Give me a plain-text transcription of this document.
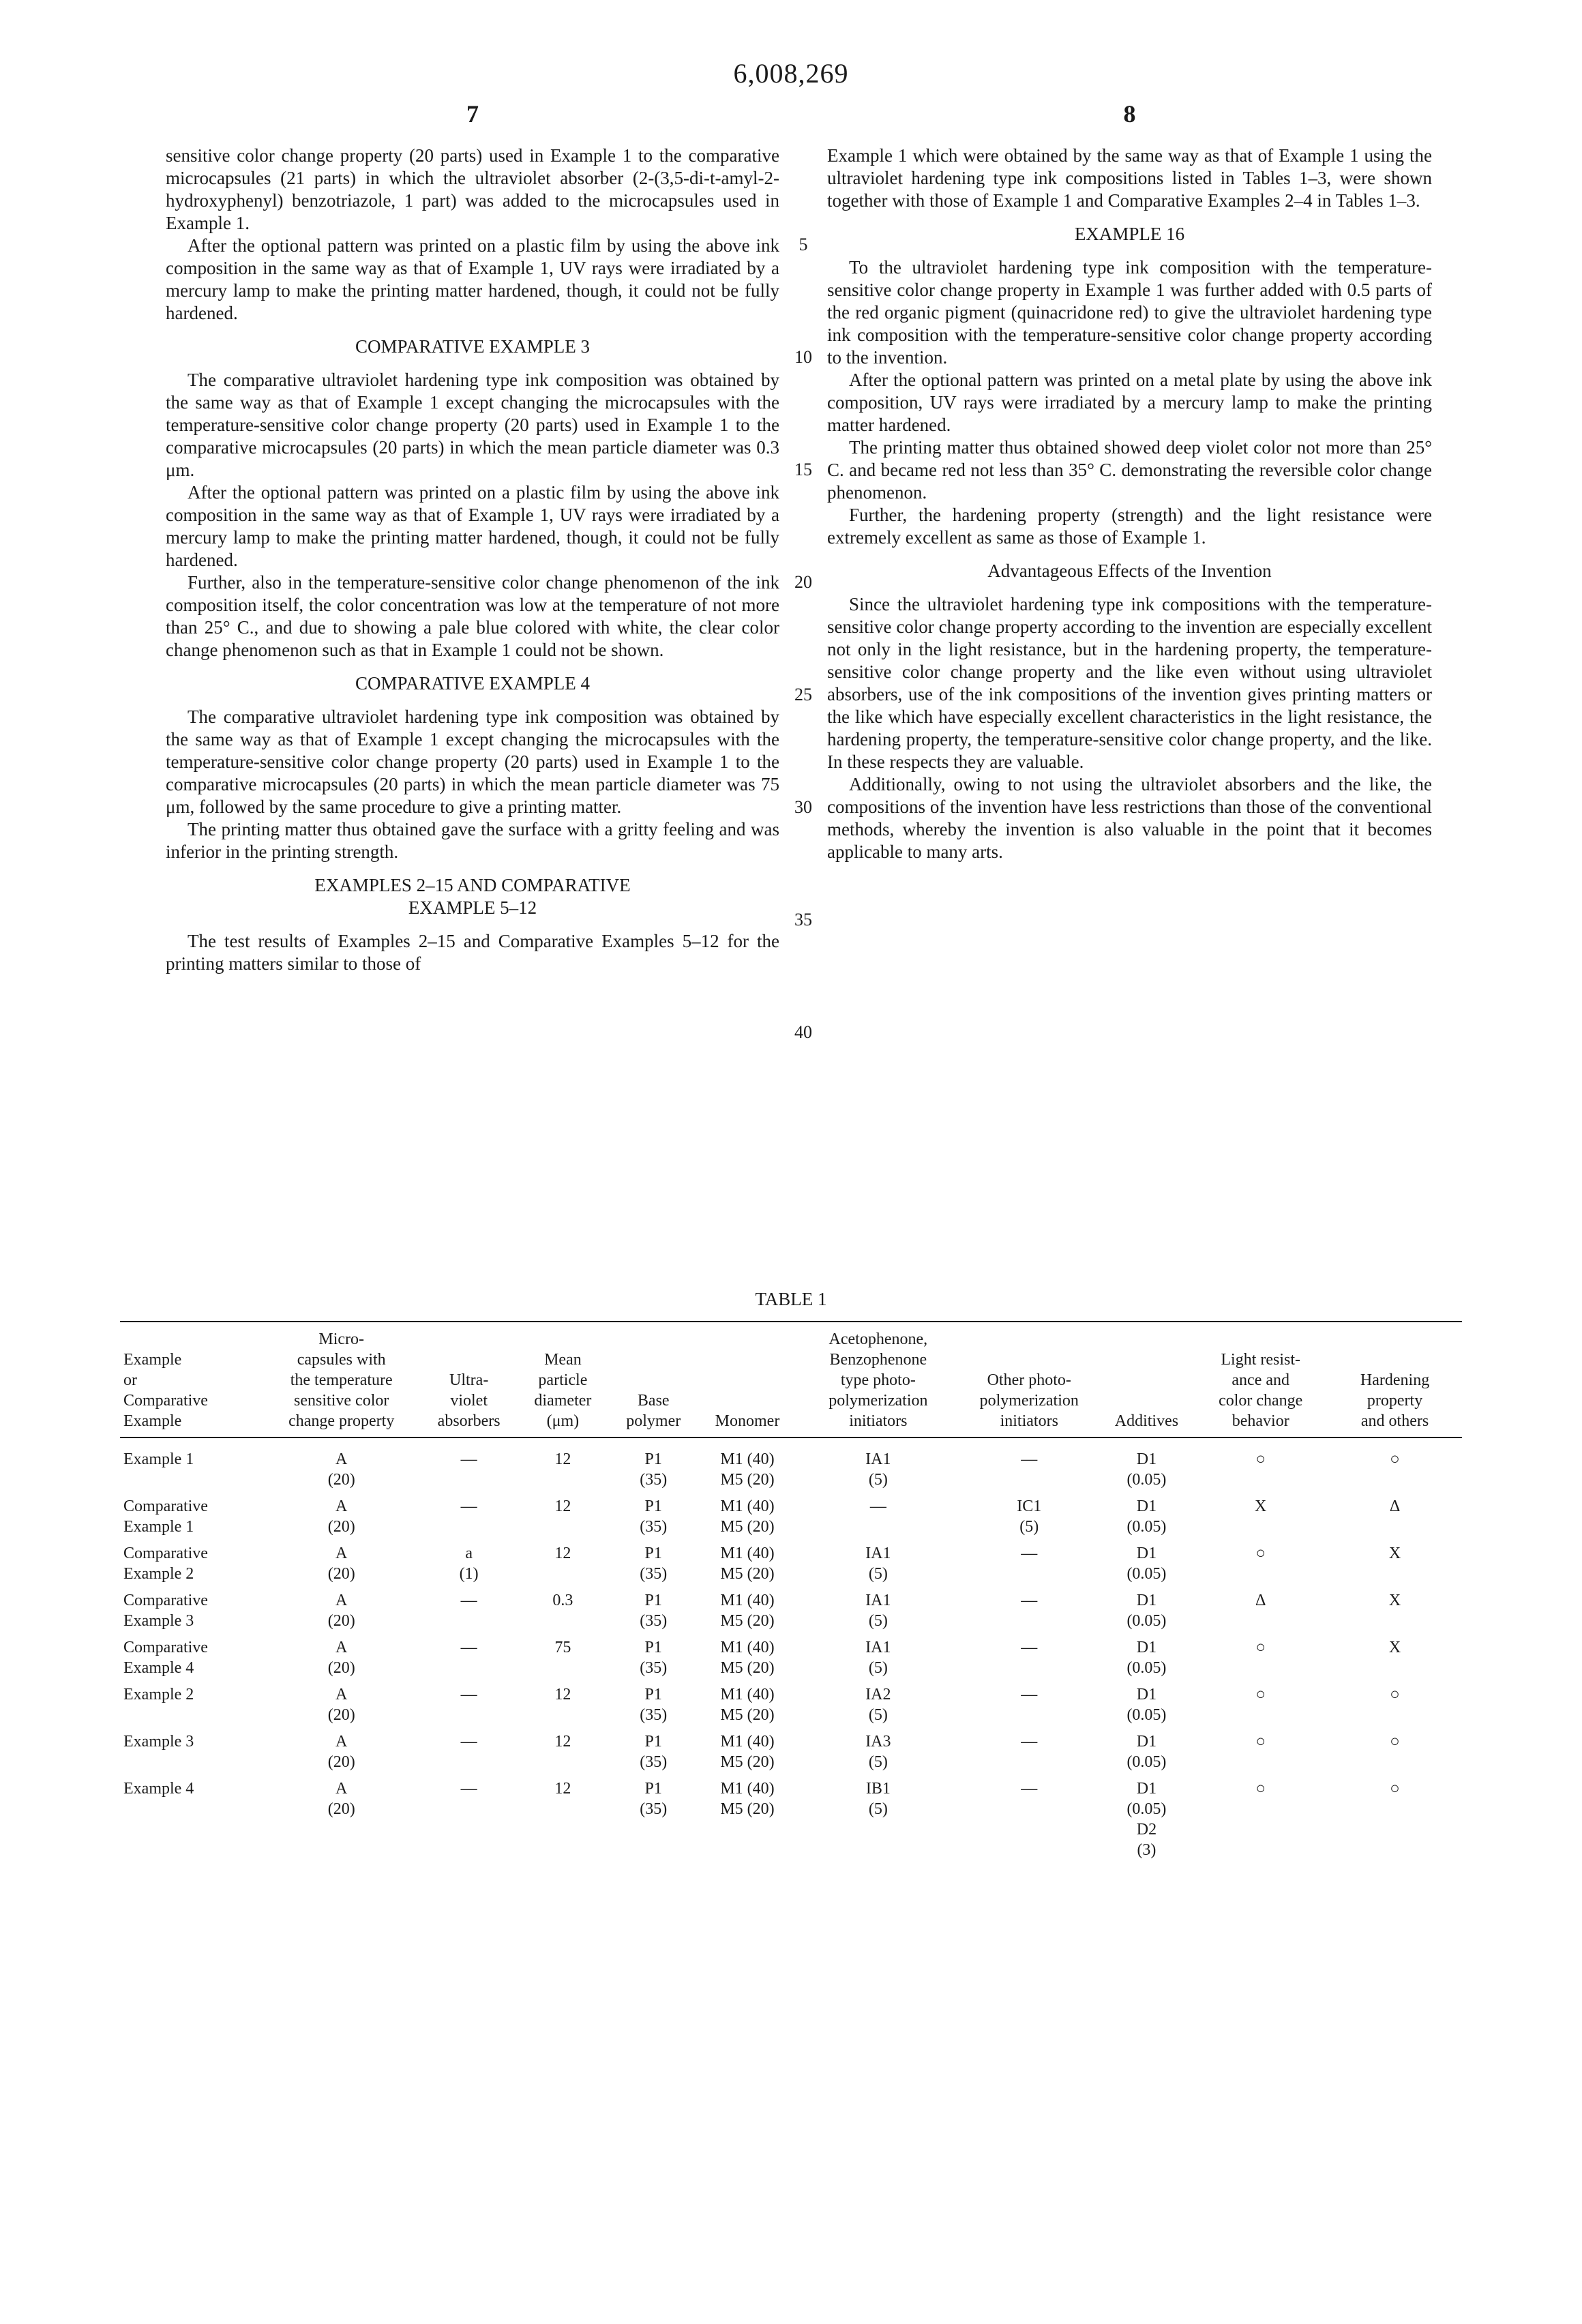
6,008,269
7	8
sensitive color change property (20 parts) used in Example 1 to the comparative microcapsules (21 parts) in which the ultraviolet absorber (2-(3,5-di-t-amyl-2-hydroxyphenyl) benzotriazole, 1 part) was added to the microcapsules used in Example 1.
After the optional pattern was printed on a plastic film by using the above ink composition in the same way as that of Example 1, UV rays were irradiated by a mercury lamp to make the printing matter hardened, though, it could not be fully hardened.
COMPARATIVE EXAMPLE 3
The comparative ultraviolet hardening type ink composition was obtained by the same way as that of Example 1 except changing the microcapsules with the temperature-sensitive color change property (20 parts) used in Example 1 to the comparative microcapsules (20 parts) in which the mean particle diameter was 0.3 μm.
After the optional pattern was printed on a plastic film by using the above ink composition in the same way as that of Example 1, UV rays were irradiated by a mercury lamp to make the printing matter hardened, though, it could not be fully hardened.
Further, also in the temperature-sensitive color change phenomenon of the ink composition itself, the color concentration was low at the temperature of not more than 25° C., and due to showing a pale blue colored with white, the clear color change phenomenon such as that in Example 1 could not be shown.
COMPARATIVE EXAMPLE 4
The comparative ultraviolet hardening type ink composition was obtained by the same way as that of Example 1 except changing the microcapsules with the temperature-sensitive color change property (20 parts) used in Example 1 to the comparative microcapsules (20 parts) in which the mean particle diameter was 75 μm, followed by the same procedure to give a printing matter.
The printing matter thus obtained gave the surface with a gritty feeling and was inferior in the printing strength.
EXAMPLES 2–15 AND COMPARATIVE
EXAMPLE 5–12
The test results of Examples 2–15 and Comparative Examples 5–12 for the printing matters similar to those of
Example 1 which were obtained by the same way as that of Example 1 using the ultraviolet hardening type ink compositions listed in Tables 1–3, were shown together with those of Example 1 and Comparative Examples 2–4 in Tables 1–3.
EXAMPLE 16
To the ultraviolet hardening type ink composition with the temperature-sensitive color change property in Example 1 was further added with 0.5 parts of the red organic pigment (quinacridone red) to give the ultraviolet hardening type ink composition with the temperature-sensitive color change property according to the invention.
After the optional pattern was printed on a metal plate by using the above ink composition, UV rays were irradiated by a mercury lamp to make the printing matter hardened.
The printing matter thus obtained showed deep violet color not more than 25° C. and became red not less than 35° C. demonstrating the reversible color change phenomenon.
Further, the hardening property (strength) and the light resistance were extremely excellent as same as those of Example 1.
Advantageous Effects of the Invention
Since the ultraviolet hardening type ink compositions with the temperature-sensitive color change property according to the invention are especially excellent not only in the light resistance, but in the hardening property, the temperature-sensitive color change property and the like even without using ultraviolet absorbers, use of the ink compositions of the invention gives printing matters or the like which have especially excellent characteristics in the light resistance, the hardening property, the temperature-sensitive color change property, and the like. In these respects they are valuable.
Additionally, owing to not using the ultraviolet absorbers and the like, the compositions of the invention have less restrictions than those of the conventional methods, whereby the invention is also valuable in the point that it becomes applicable to many arts.
5
10
15
20
25
30
35
40
TABLE 1
Example
or
Comparative
Example	Micro-
capsules with
the temperature
sensitive color
change property	Ultra-
violet
absorbers	Mean
particle
diameter
(μm)	Base
polymer	Monomer	Acetophenone,
Benzophenone
type photo-
polymerization
initiators	Other photo-
polymerization
initiators	Additives	Light resist-
ance and
color change
behavior	Hardening
property
and others
Example 1	A
(20)	—	12	P1
(35)	M1 (40)
M5 (20)	IA1
(5)	—	D1
(0.05)	○	○
Comparative
Example 1	A
(20)	—	12	P1
(35)	M1 (40)
M5 (20)	—	IC1
(5)	D1
(0.05)	X	Δ
Comparative
Example 2	A
(20)	a
(1)	12	P1
(35)	M1 (40)
M5 (20)	IA1
(5)	—	D1
(0.05)	○	X
Comparative
Example 3	A
(20)	—	0.3	P1
(35)	M1 (40)
M5 (20)	IA1
(5)	—	D1
(0.05)	Δ	X
Comparative
Example 4	A
(20)	—	75	P1
(35)	M1 (40)
M5 (20)	IA1
(5)	—	D1
(0.05)	○	X
Example 2	A
(20)	—	12	P1
(35)	M1 (40)
M5 (20)	IA2
(5)	—	D1
(0.05)	○	○
Example 3	A
(20)	—	12	P1
(35)	M1 (40)
M5 (20)	IA3
(5)	—	D1
(0.05)	○	○
Example 4	A
(20)	—	12	P1
(35)	M1 (40)
M5 (20)	IB1
(5)	—	D1
(0.05)
D2
(3)	○	○
